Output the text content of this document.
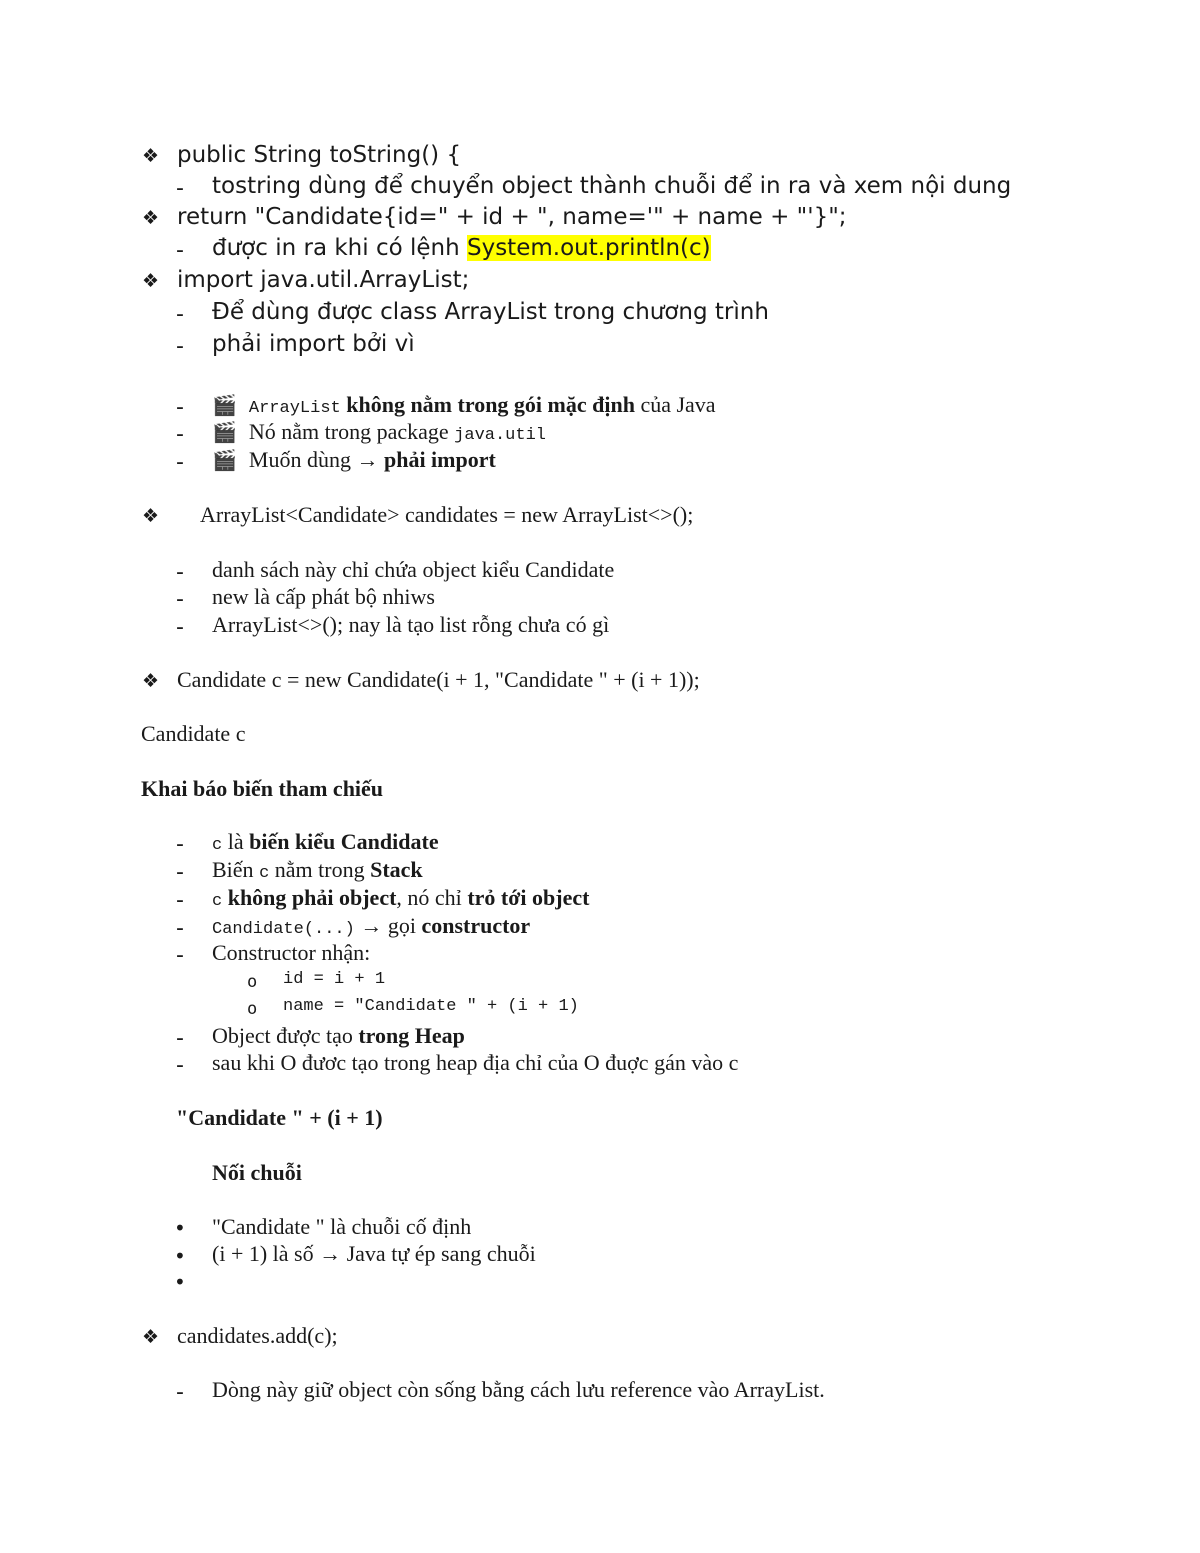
❖ public String toString() {
- tostring dùng để chuyển object thành chuỗi để in ra và xem nội dung
❖ return "Candidate{id=" + id + ", name='" + name + "'}";
- được in ra khi có lệnh System.out.println(c)
❖ import java.util.ArrayList;
- Để dùng được class ArrayList trong chương trình
- phải import bởi vì
- 🎬 ArrayList không nằm trong gói mặc định của Java
- 🎬 Nó nằm trong package java.util
- 🎬 Muốn dùng → phải import
❖ ArrayList<Candidate> candidates = new ArrayList<>();
- danh sách này chỉ chứa object kiểu Candidate
- new là cấp phát bộ nhiws
- ArrayList<>(); nay là tạo list rỗng chưa có gì
❖ Candidate c = new Candidate(i + 1, "Candidate " + (i + 1));
Candidate c
Khai báo biến tham chiếu
- c là biến kiểu Candidate
- Biến c nằm trong Stack
- c không phải object, nó chỉ trỏ tới object
- Candidate(...) → gọi constructor
- Constructor nhận:
o id = i + 1
o name = "Candidate " + (i + 1)
- Object được tạo trong Heap
- sau khi O đươc tạo trong heap địa chỉ của O đuợc gán vào c
"Candidate " + (i + 1)
Nối chuỗi
• "Candidate " là chuỗi cố định
• (i + 1) là số → Java tự ép sang chuỗi
•
❖ candidates.add(c);
- Dòng này giữ object còn sống bằng cách lưu reference vào ArrayList.
